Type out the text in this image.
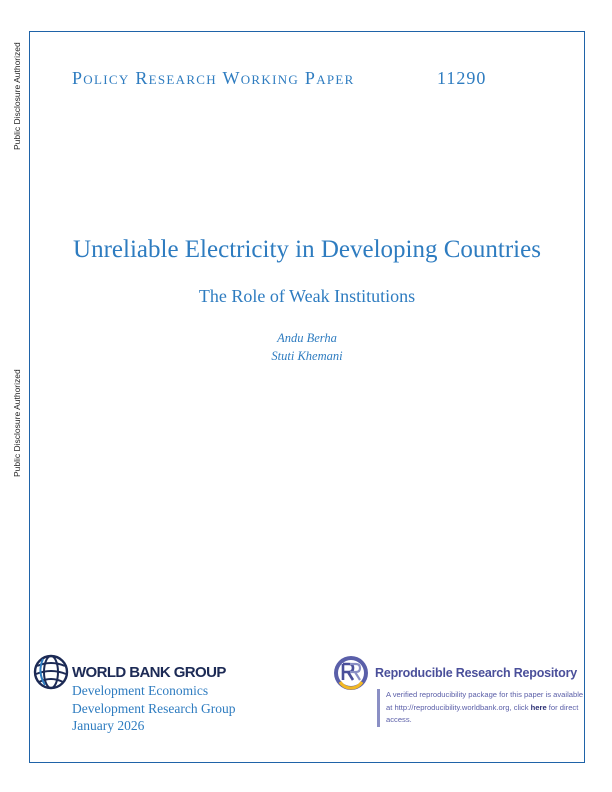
Public Disclosure Authorized
Public Disclosure Authorized
Policy Research Working Paper	11290
Unreliable Electricity in Developing Countries
The Role of Weak Institutions
Andu Berha
Stuti Khemani
WORLD BANK GROUP
Development Economics
Development Research Group
January 2026
Reproducible Research Repository
A verified reproducibility package for this paper is available at http://reproducibility.worldbank.org, click here for direct access.
